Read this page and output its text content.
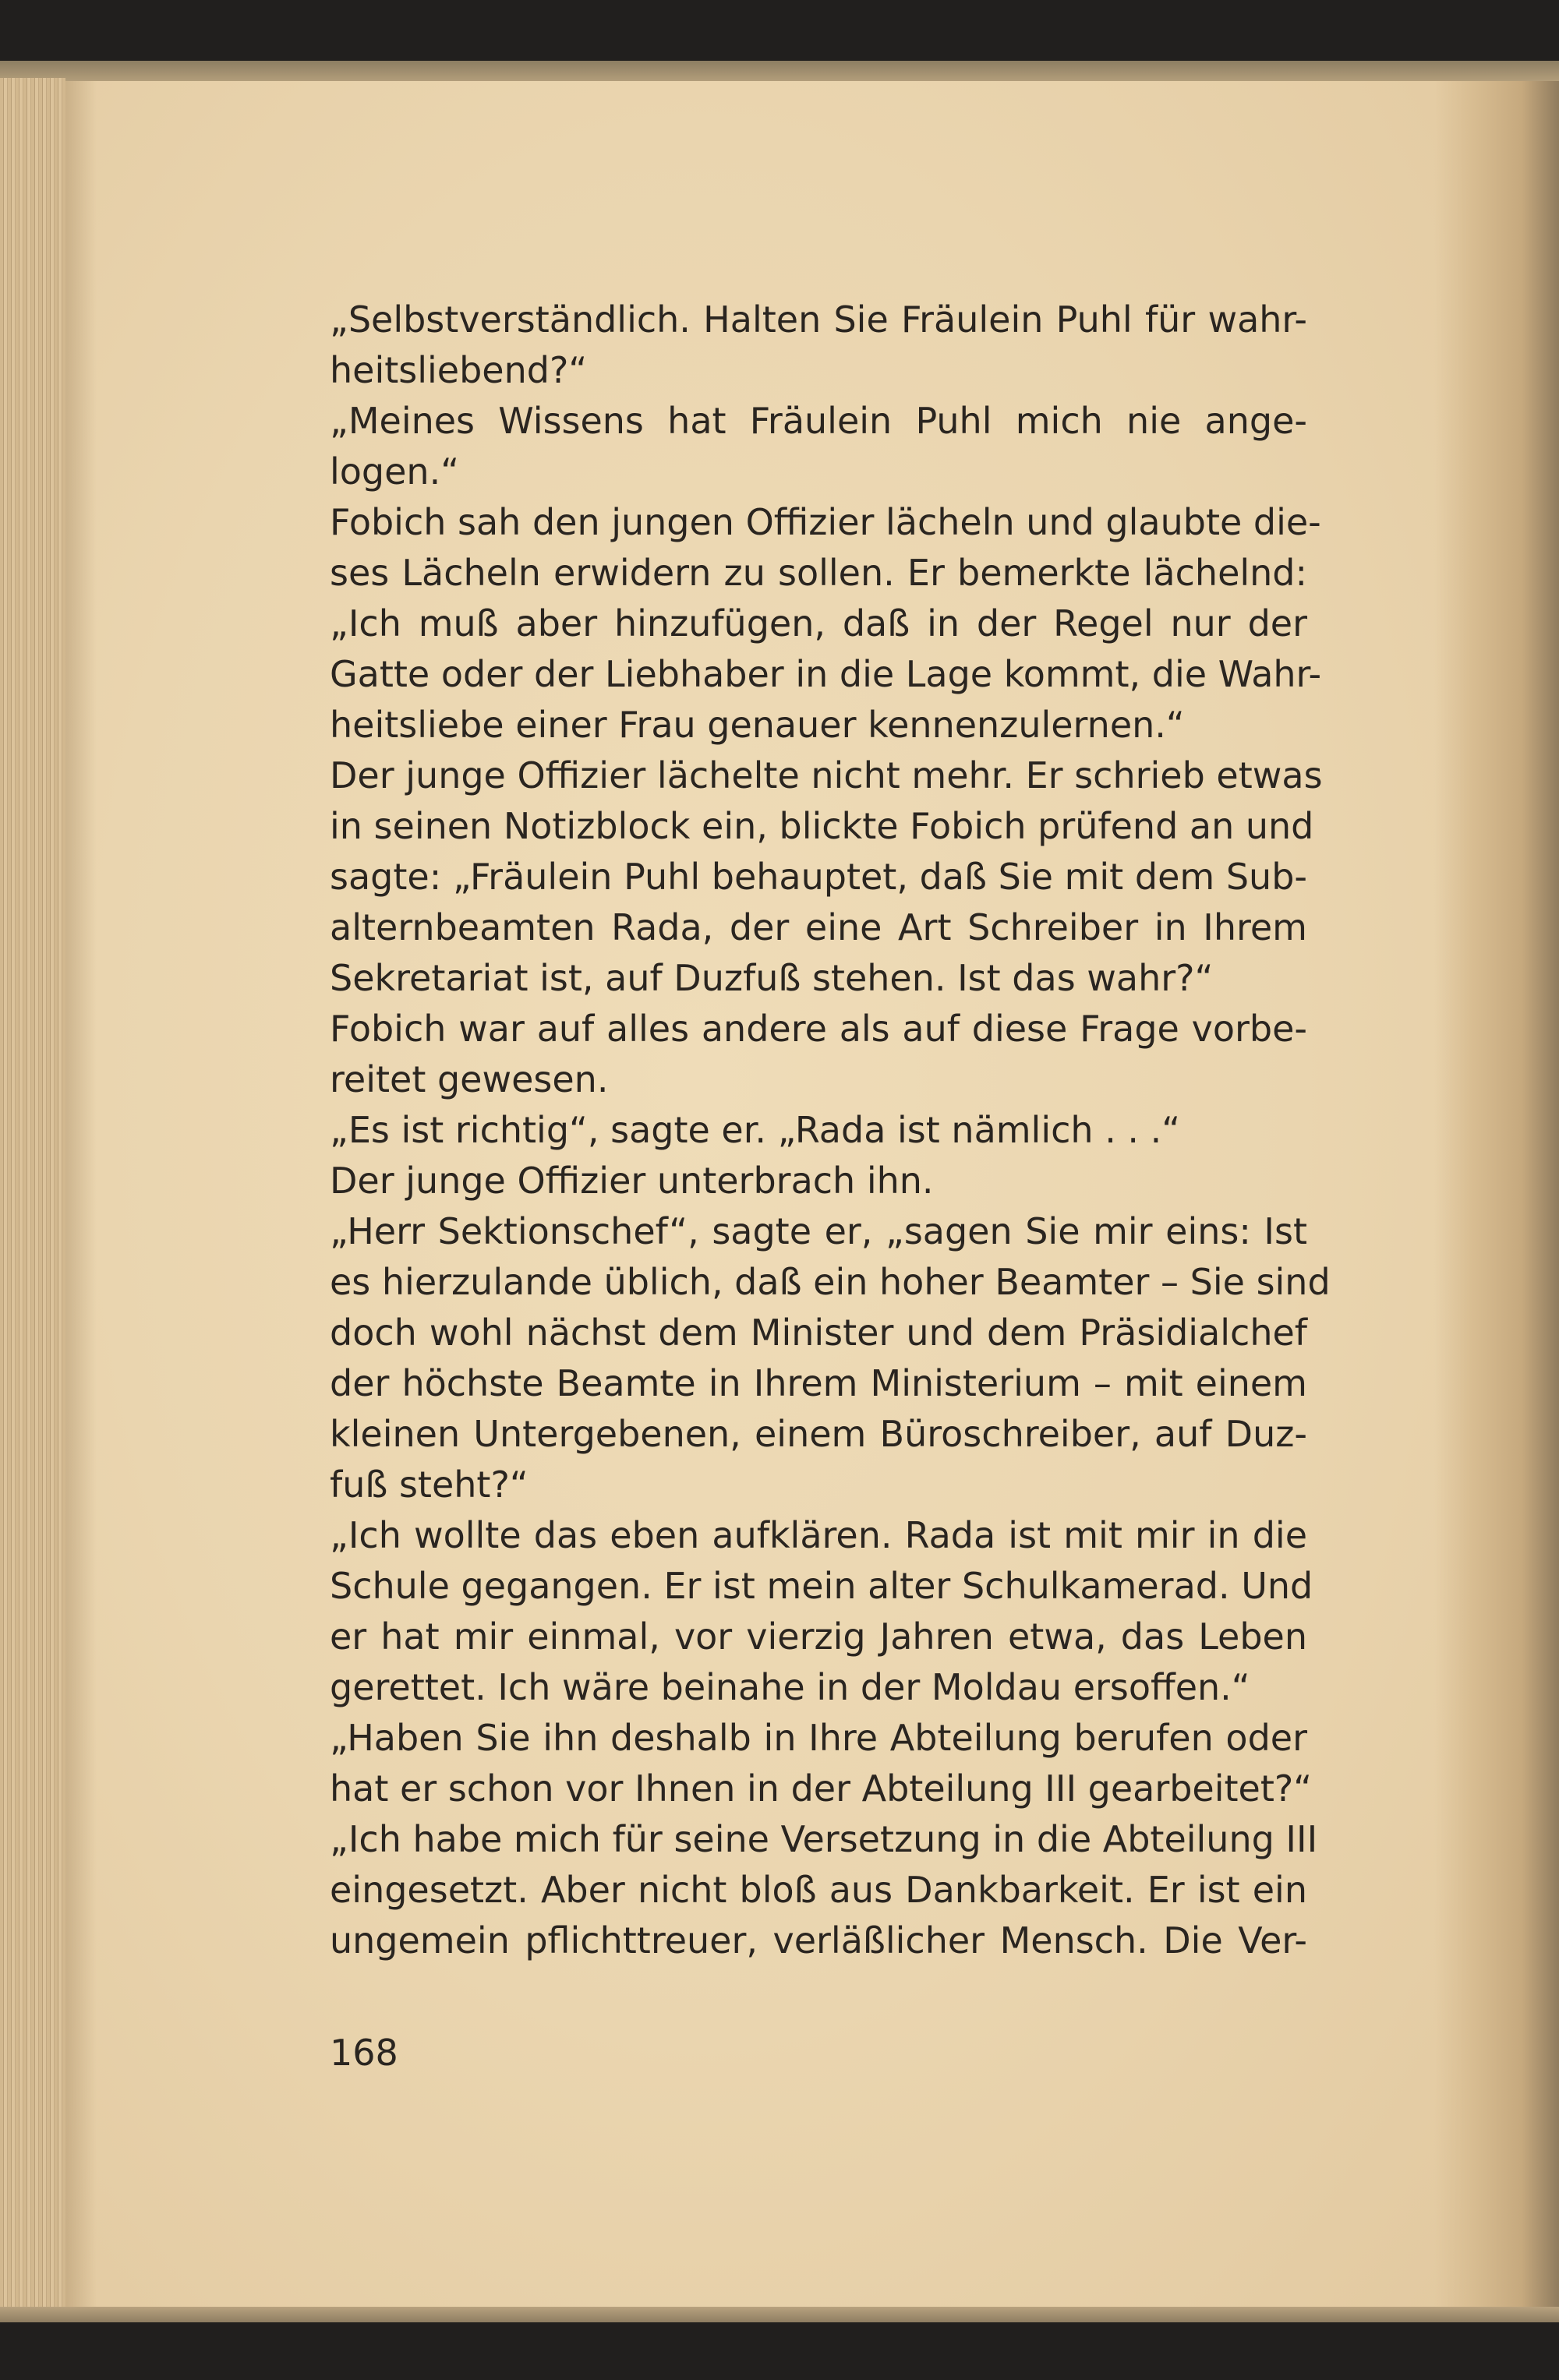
„Selbstverständlich. Halten Sie Fräulein Puhl für wahr-
heitsliebend?“
„Meines Wissens hat Fräulein Puhl mich nie ange-
logen.“
Fobich sah den jungen Offizier lächeln und glaubte die-
ses Lächeln erwidern zu sollen. Er bemerkte lächelnd:
„Ich muß aber hinzufügen, daß in der Regel nur der
Gatte oder der Liebhaber in die Lage kommt, die Wahr-
heitsliebe einer Frau genauer kennenzulernen.“
Der junge Offizier lächelte nicht mehr. Er schrieb etwas
in seinen Notizblock ein, blickte Fobich prüfend an und
sagte: „Fräulein Puhl behauptet, daß Sie mit dem Sub-
alternbeamten Rada, der eine Art Schreiber in Ihrem
Sekretariat ist, auf Duzfuß stehen. Ist das wahr?“
Fobich war auf alles andere als auf diese Frage vorbe-
reitet gewesen.
„Es ist richtig“, sagte er. „Rada ist nämlich . . .“
Der junge Offizier unterbrach ihn.
„Herr Sektionschef“, sagte er, „sagen Sie mir eins: Ist
es hierzulande üblich, daß ein hoher Beamter – Sie sind
doch wohl nächst dem Minister und dem Präsidialchef
der höchste Beamte in Ihrem Ministerium – mit einem
kleinen Untergebenen, einem Büroschreiber, auf Duz-
fuß steht?“
„Ich wollte das eben aufklären. Rada ist mit mir in die
Schule gegangen. Er ist mein alter Schulkamerad. Und
er hat mir einmal, vor vierzig Jahren etwa, das Leben
gerettet. Ich wäre beinahe in der Moldau ersoffen.“
„Haben Sie ihn deshalb in Ihre Abteilung berufen oder
hat er schon vor Ihnen in der Abteilung III gearbeitet?“
„Ich habe mich für seine Versetzung in die Abteilung III
eingesetzt. Aber nicht bloß aus Dankbarkeit. Er ist ein
ungemein pflichttreuer, verläßlicher Mensch. Die Ver-
168
